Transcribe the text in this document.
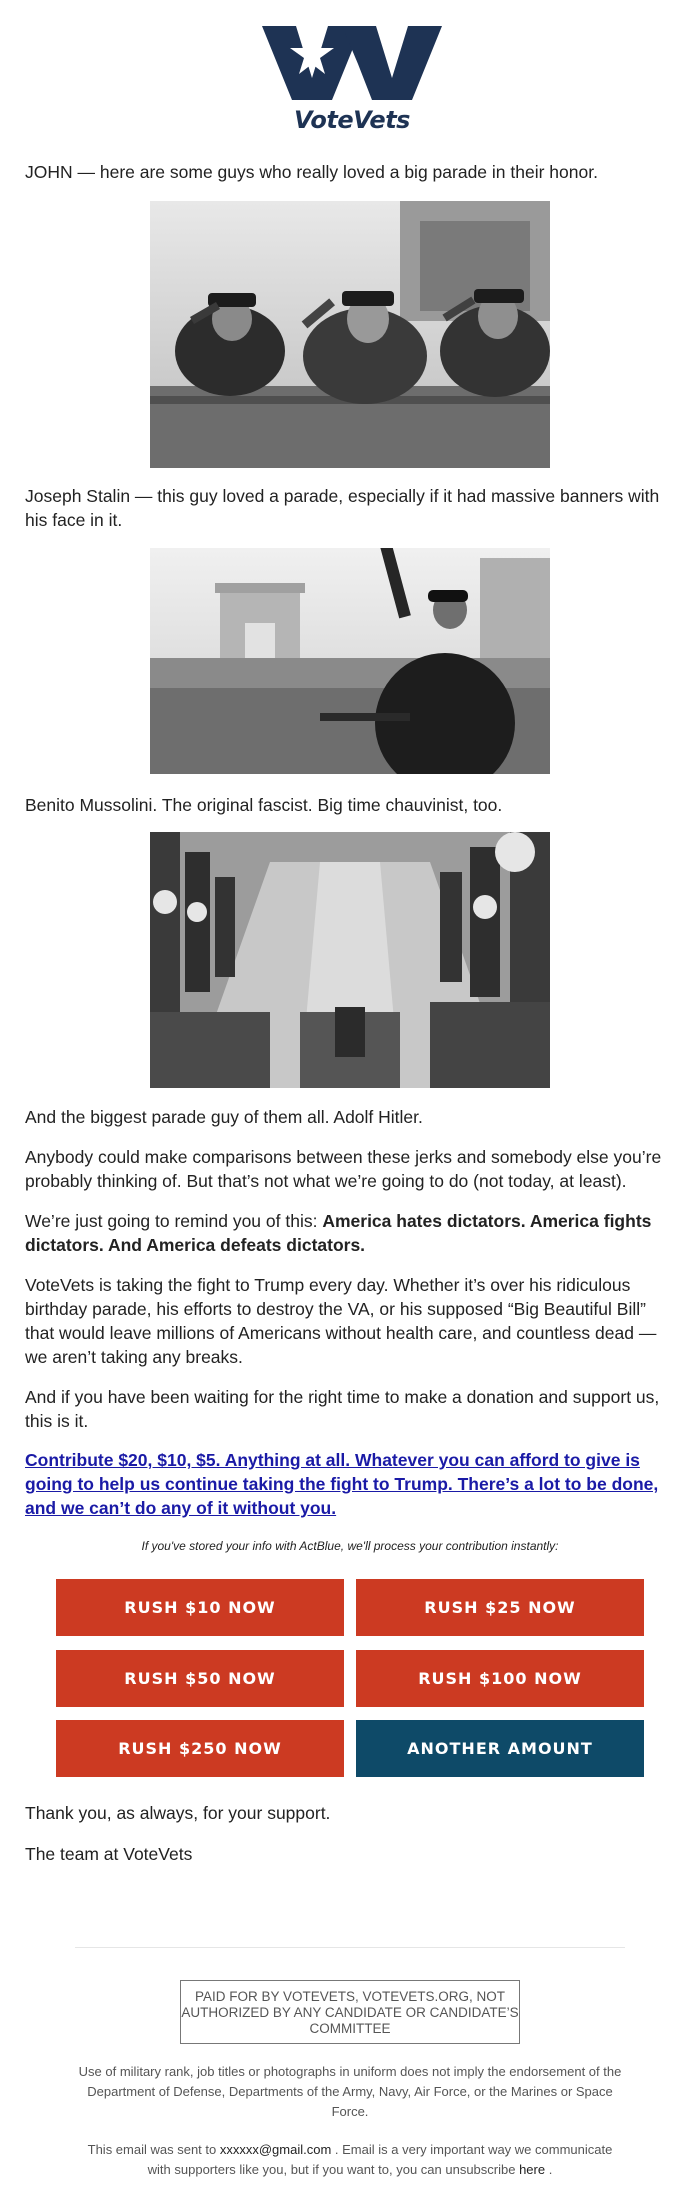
VoteVets

JOHN — here are some guys who really loved a big parade in their honor.

Joseph Stalin — this guy loved a parade, especially if it had massive banners with his face in it.

Benito Mussolini. The original fascist. Big time chauvinist, too.

And the biggest parade guy of them all. Adolf Hitler.

Anybody could make comparisons between these jerks and somebody else you’re probably thinking of. But that’s not what we’re going to do (not today, at least).

We’re just going to remind you of this: America hates dictators. America fights dictators. And America defeats dictators.

VoteVets is taking the fight to Trump every day. Whether it’s over his ridiculous birthday parade, his efforts to destroy the VA, or his supposed “Big Beautiful Bill” that would leave millions of Americans without health care, and countless dead — we aren’t taking any breaks.

And if you have been waiting for the right time to make a donation and support us, this is it.

Contribute $20, $10, $5. Anything at all. Whatever you can afford to give is going to help us continue taking the fight to Trump. There’s a lot to be done, and we can’t do any of it without you.

If you've stored your info with ActBlue, we'll process your contribution instantly:
RUSH $10 NOW	RUSH $25 NOW
RUSH $50 NOW	RUSH $100 NOW
RUSH $250 NOW	ANOTHER AMOUNT

Thank you, as always, for your support.

The team at VoteVets

PAID FOR BY VOTEVETS, VOTEVETS.ORG, NOT AUTHORIZED BY ANY CANDIDATE OR CANDIDATE’S COMMITTEE

Use of military rank, job titles or photographs in uniform does not imply the endorsement of the Department of Defense, Departments of the Army, Navy, Air Force, or the Marines or Space Force.

This email was sent to xxxxxx@gmail.com . Email is a very important way we communicate with supporters like you, but if you want to, you can unsubscribe here .
